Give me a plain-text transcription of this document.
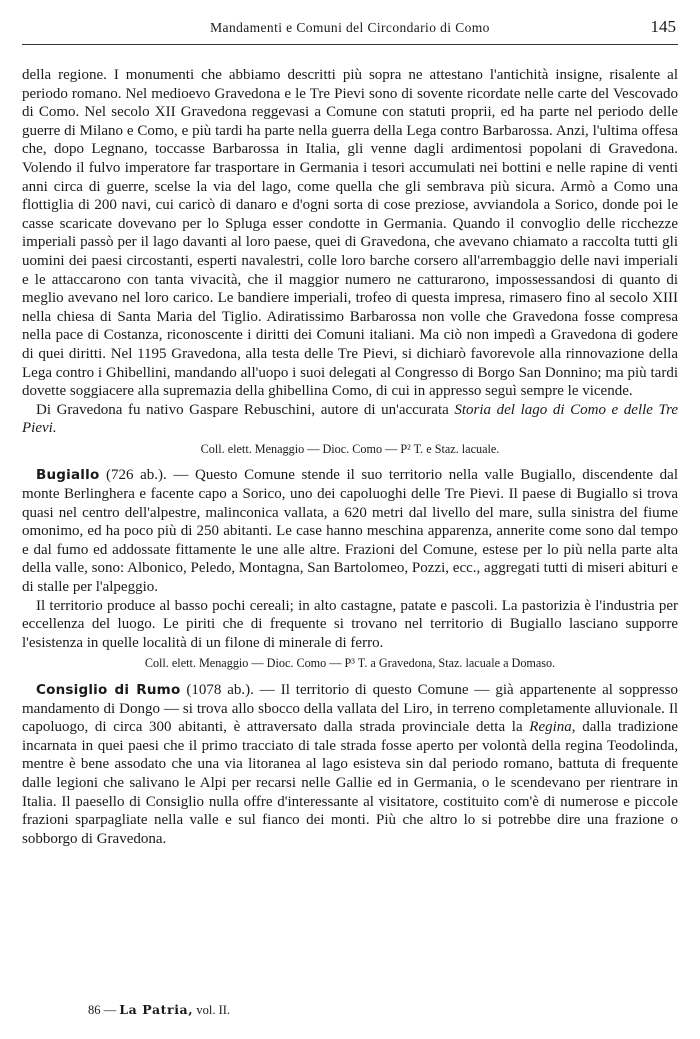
Mandamenti e Comuni del Circondario di Como	145

della regione. I monumenti che abbiamo descritti più sopra ne attestano l'antichità insigne, risalente al periodo romano. Nel medioevo Gravedona e le Tre Pievi sono di sovente ricordate nelle carte del Vescovado di Como. Nel secolo XII Gravedona reggevasi a Comune con statuti proprii, ed ha parte nel periodo delle guerre di Milano e Como, e più tardi ha parte nella guerra della Lega contro Barbarossa. Anzi, l'ultima offesa che, dopo Legnano, toccasse Barbarossa in Italia, gli venne dagli ardimentosi popolani di Gravedona. Volendo il fulvo imperatore far trasportare in Germania i tesori accumulati nei bottini e nelle rapine di venti anni circa di guerre, scelse la via del lago, come quella che gli sembrava più sicura. Armò a Como una flottiglia di 200 navi, cui caricò di danaro e d'ogni sorta di cose preziose, avviandola a Sorico, donde poi le casse scaricate dovevano per lo Spluga esser condotte in Germania. Quando il convoglio delle ricchezze imperiali passò per il lago davanti al loro paese, quei di Gravedona, che avevano chiamato a raccolta tutti gli uomini dei paesi circostanti, esperti navalestri, colle loro barche corsero all'arrembaggio delle navi imperiali e le attaccarono con tanta vivacità, che il maggior numero ne catturarono, impossessandosi di quanto di meglio avevano nel loro carico. Le bandiere imperiali, trofeo di questa impresa, rimasero fino al secolo XIII nella chiesa di Santa Maria del Tiglio. Adiratissimo Barbarossa non volle che Gravedona fosse compresa nella pace di Costanza, riconoscente i diritti dei Comuni italiani. Ma ciò non impedì a Gravedona di godere di quei diritti. Nel 1195 Gravedona, alla testa delle Tre Pievi, si dichiarò favorevole alla rinnovazione della Lega contro i Ghibellini, mandando all'uopo i suoi delegati al Congresso di Borgo San Donnino; ma più tardi dovette soggiacere alla supremazia della ghibellina Como, di cui in appresso seguì sempre le vicende.

Di Gravedona fu nativo Gaspare Rebuschini, autore di un'accurata Storia del lago di Como e delle Tre Pievi.

Coll. elett. Menaggio — Dioc. Como — P² T. e Staz. lacuale.

Bugiallo (726 ab.). — Questo Comune stende il suo territorio nella valle Bugiallo, discendente dal monte Berlinghera e facente capo a Sorico, uno dei capoluoghi delle Tre Pievi. Il paese di Bugiallo si trova quasi nel centro dell'alpestre, malinconica vallata, a 620 metri dal livello del mare, sulla sinistra del fiume omonimo, ed ha poco più di 250 abitanti. Le case hanno meschina apparenza, annerite come sono dal tempo e dal fumo ed addossate fittamente le une alle altre. Frazioni del Comune, estese per lo più nella parte alta della valle, sono: Albonico, Peledo, Montagna, San Bartolomeo, Pozzi, ecc., aggregati tutti di miseri abituri e di stalle per l'alpeggio.

Il territorio produce al basso pochi cereali; in alto castagne, patate e pascoli. La pastorizia è l'industria per eccellenza del luogo. Le piriti che di frequente si trovano nel territorio di Bugiallo lasciano supporre l'esistenza in quelle località di un filone di minerale di ferro.

Coll. elett. Menaggio — Dioc. Como — P³ T. a Gravedona, Staz. lacuale a Domaso.

Consiglio di Rumo (1078 ab.). — Il territorio di questo Comune — già appartenente al soppresso mandamento di Dongo — si trova allo sbocco della vallata del Liro, in terreno completamente alluvionale. Il capoluogo, di circa 300 abitanti, è attraversato dalla strada provinciale detta la Regina, dalla tradizione incarnata in quei paesi che il primo tracciato di tale strada fosse aperto per volontà della regina Teodolinda, mentre è bene assodato che una via litoranea al lago esisteva sin dal periodo romano, battuta di frequente dalle legioni che salivano le Alpi per recarsi nelle Gallie ed in Germania, o le scendevano per rientrare in Italia. Il paesello di Consiglio nulla offre d'interessante al visitatore, costituito com'è di numerose e piccole frazioni sparpagliate nella valle e sul fianco dei monti. Più che altro lo si potrebbe dire una frazione o sobborgo di Gravedona.

86 — La Patria, vol. II.
